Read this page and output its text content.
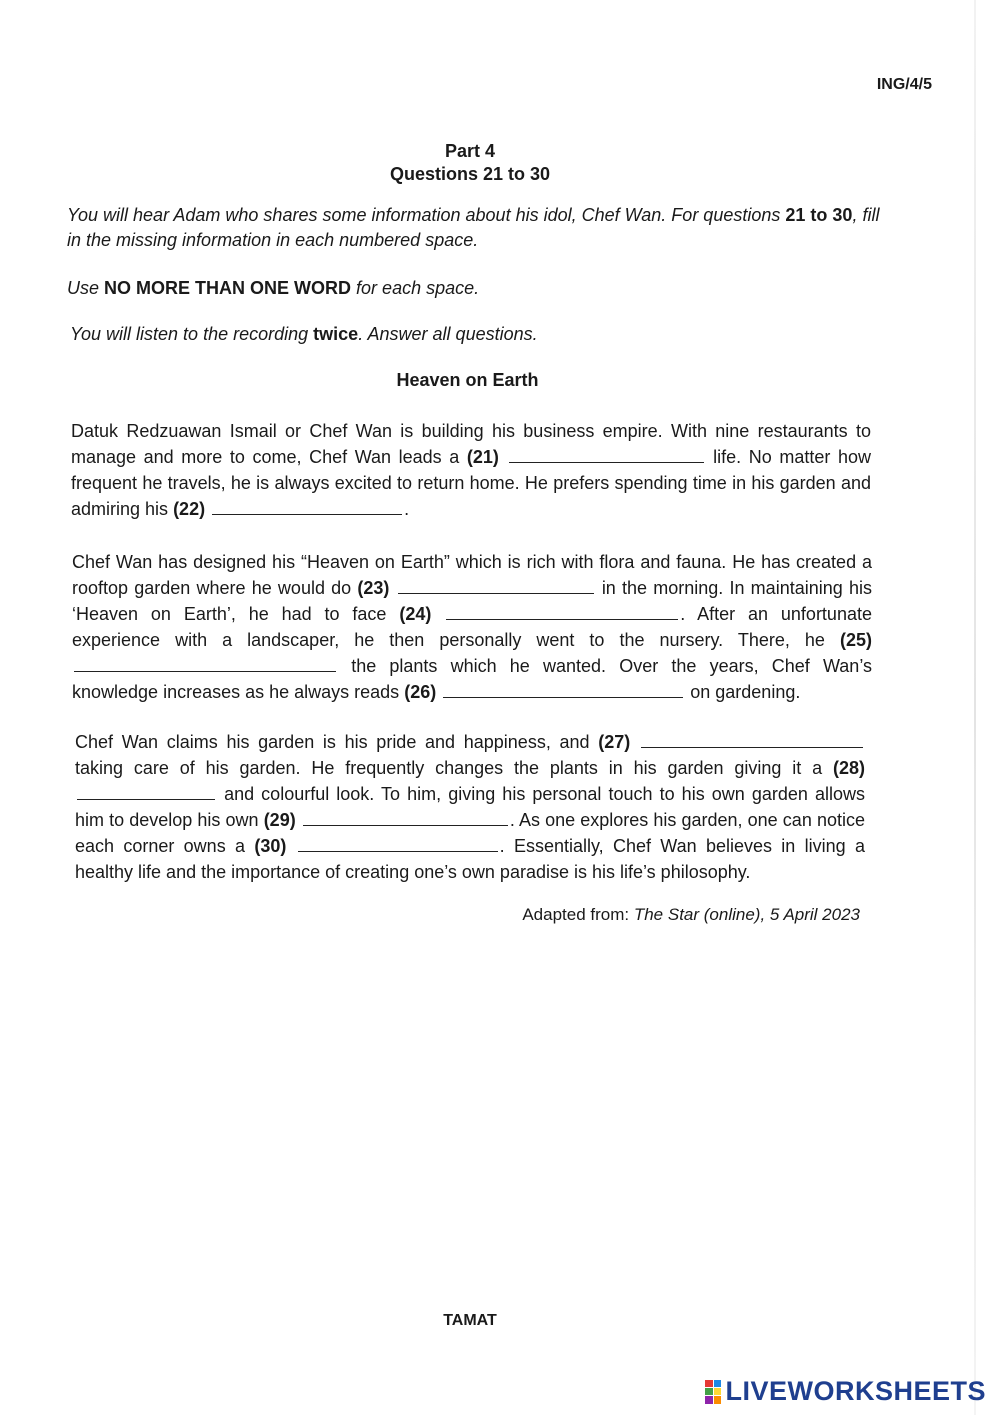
ING/4/5
Part 4
Questions 21 to 30
You will hear Adam who shares some information about his idol, Chef Wan. For questions 21 to 30, fill in the missing information in each numbered space.
Use NO MORE THAN ONE WORD for each space.
You will listen to the recording twice. Answer all questions.
Heaven on Earth
Datuk Redzuawan Ismail or Chef Wan is building his business empire. With nine restaurants to manage and more to come, Chef Wan leads a (21)	life. No matter how frequent he travels, he is always excited to return home. He prefers spending time in his garden and admiring his (22)	.
Chef Wan has designed his “Heaven on Earth” which is rich with flora and fauna. He has created a rooftop garden where he would do (23)	in the morning. In maintaining his ‘Heaven on Earth’, he had to face (24)	. After an unfortunate experience with a landscaper, he then personally went to the nursery. There, he (25)  the plants which he wanted. Over the years, Chef Wan’s knowledge increases as he always reads (26)	on gardening.
Chef Wan claims his garden is his pride and happiness, and (27)  taking care of his garden. He frequently changes the plants in his garden giving it a (28)  and colourful look. To him, giving his personal touch to his own garden allows him to develop his own (29)	. As one explores his garden, one can notice each corner owns a (30)	. Essentially, Chef Wan believes in living a healthy life and the importance of creating one’s own paradise is his life’s philosophy.
Adapted from: The Star (online), 5 April 2023
TAMAT
LIVEWORKSHEETS
